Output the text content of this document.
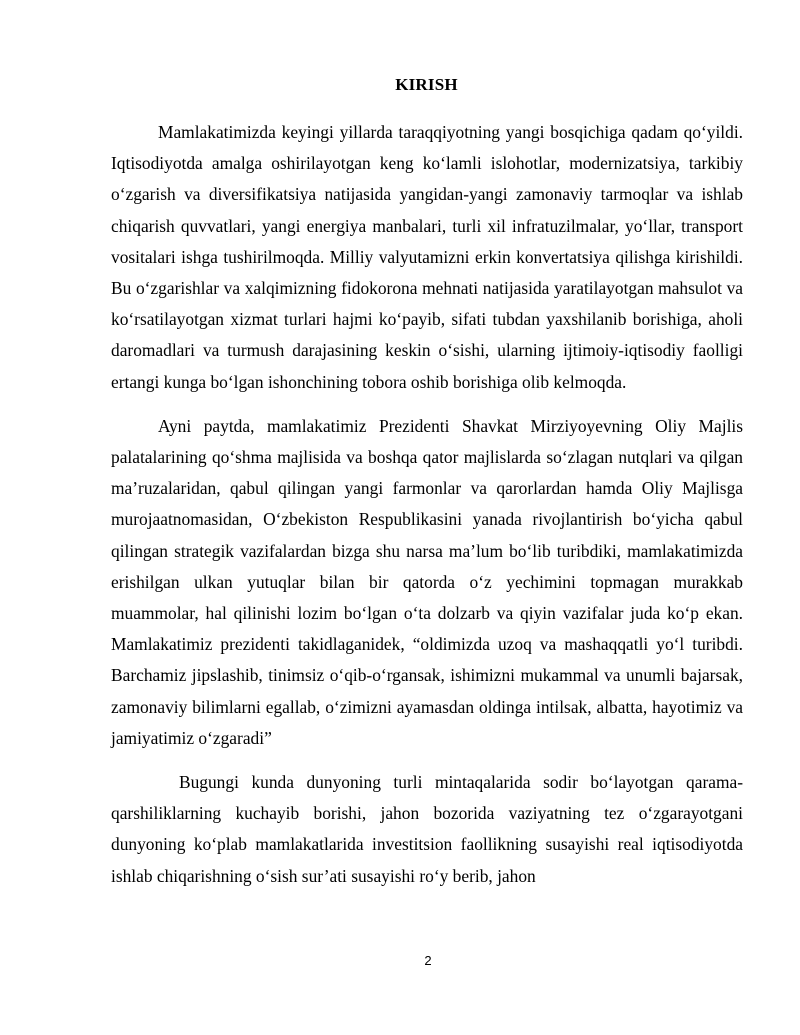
KIRISH

Mamlakatimizda keyingi yillarda taraqqiyotning yangi bosqichiga qadam qo‘yildi. Iqtisodiyotda amalga oshirilayotgan keng ko‘lamli islohotlar, modernizatsiya, tarkibiy o‘zgarish va diversifikatsiya natijasida yangidan-yangi zamonaviy tarmoqlar va ishlab chiqarish quvvatlari, yangi energiya manbalari, turli xil infratuzilmalar, yo‘llar, transport vositalari ishga tushirilmoqda. Milliy valyutamizni erkin konvertatsiya qilishga kirishildi. Bu o‘zgarishlar va xalqimizning fidokorona mehnati natijasida yaratilayotgan mahsulot va ko‘rsatilayotgan xizmat turlari hajmi ko‘payib, sifati tubdan yaxshilanib borishiga, aholi daromadlari va turmush darajasining keskin o‘sishi, ularning ijtimoiy-iqtisodiy faolligi ertangi kunga bo‘lgan ishonchining tobora oshib borishiga olib kelmoqda.

Ayni paytda, mamlakatimiz Prezidenti Shavkat Mirziyoyevning Oliy Majlis palatalarining qo‘shma majlisida va boshqa qator majlislarda so‘zlagan nutqlari va qilgan ma’ruzalaridan, qabul qilingan yangi farmonlar va qarorlardan hamda Oliy Majlisga murojaatnomasidan, O‘zbekiston Respublikasini yanada rivojlantirish bo‘yicha qabul qilingan strategik vazifalardan bizga shu narsa ma’lum bo‘lib turibdiki, mamlakatimizda erishilgan ulkan yutuqlar bilan bir qatorda o‘z yechimini topmagan murakkab muammolar, hal qilinishi lozim bo‘lgan o‘ta dolzarb va qiyin vazifalar juda ko‘p ekan. Mamlakatimiz prezidenti takidlaganidek, “oldimizda uzoq va mashaqqatli yo‘l turibdi. Barchamiz jipslashib, tinimsiz o‘qib-o‘rgansak, ishimizni mukammal va unumli bajarsak, zamonaviy bilimlarni egallab, o‘zimizni ayamasdan oldinga intilsak, albatta, hayotimiz va jamiyatimiz o‘zgaradi”

Bugungi kunda dunyoning turli mintaqalarida sodir bo‘layotgan qarama-qarshiliklarning kuchayib borishi, jahon bozorida vaziyatning tez o‘zgarayotgani dunyoning ko‘plab mamlakatlarida investitsion faollikning susayishi real iqtisodiyotda ishlab chiqarishning o‘sish sur’ati susayishi ro‘y berib, jahon

2
